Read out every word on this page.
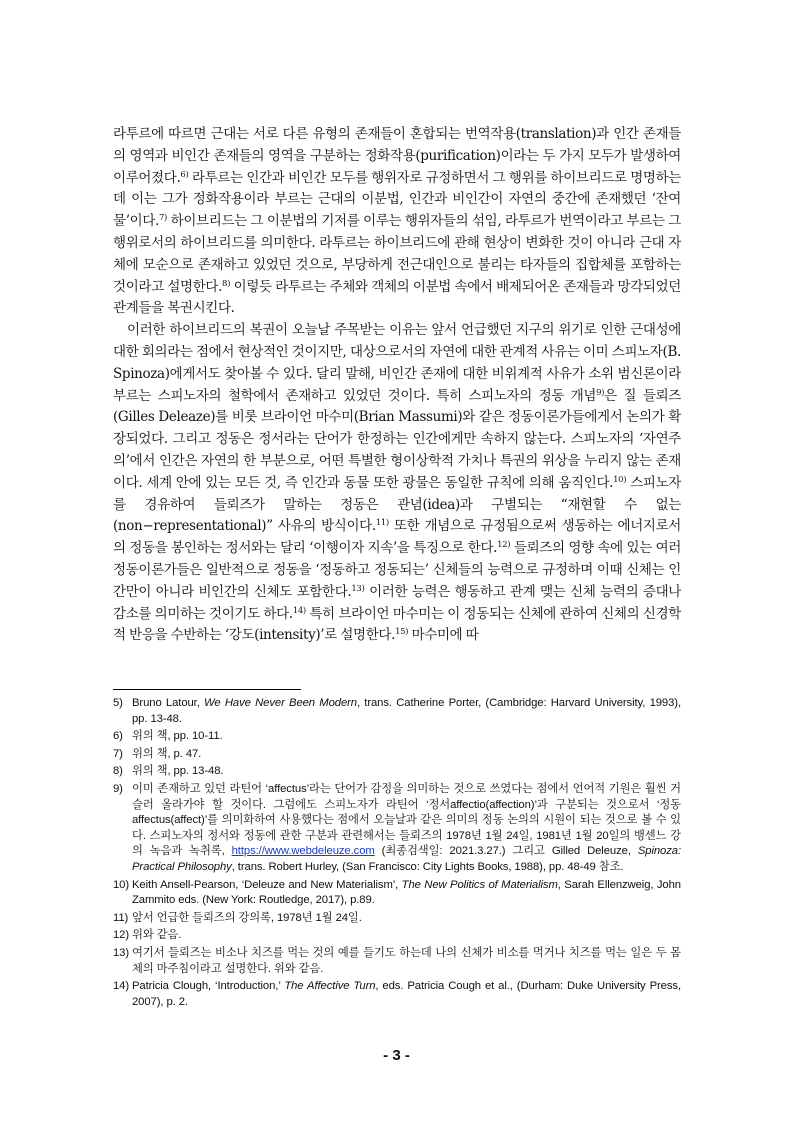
라투르에 따르면 근대는 서로 다른 유형의 존재들이 혼합되는 번역작용(translation)과 인간 존재들의 영역과 비인간 존재들의 영역을 구분하는 정화작용(purification)이라는 두 가지 모두가 발생하여 이루어졌다.$^{6)}$ 라투르는 인간과 비인간 모두를 행위자로 규정하면서 그 행위를 하이브리드로 명명하는데 이는 그가 정화작용이라 부르는 근대의 이분법, 인간과 비인간이 자연의 중간에 존재했던 ‘잔여물’이다.$^{7)}$ 하이브리드는 그 이분법의 기저를 이루는 행위자들의 섞임, 라투르가 번역이라고 부르는 그 행위로서의 하이브리드를 의미한다. 라투르는 하이브리드에 관해 현상이 변화한 것이 아니라 근대 자체에 모순으로 존재하고 있었던 것으로, 부당하게 전근대인으로 불리는 타자들의 집합체를 포함하는 것이라고 설명한다.$^{8)}$ 이렇듯 라투르는 주체와 객체의 이분법 속에서 배제되어온 존재들과 망각되었던 관계들을 복권시킨다.

이러한 하이브리드의 복권이 오늘날 주목받는 이유는 앞서 언급했던 지구의 위기로 인한 근대성에 대한 회의라는 점에서 현상적인 것이지만, 대상으로서의 자연에 대한 관계적 사유는 이미 스피노자(B. Spinoza)에게서도 찾아볼 수 있다. 달리 말해, 비인간 존재에 대한 비위계적 사유가 소위 범신론이라 부르는 스피노자의 철학에서 존재하고 있었던 것이다. 특히 스피노자의 정동 개념$^{9)}$은 질 들뢰즈(Gilles Deleaze)를 비롯 브라이언 마수미(Brian Massumi)와 같은 정동이론가들에게서 논의가 확장되었다. 그리고 정동은 정서라는 단어가 한정하는 인간에게만 속하지 않는다. 스피노자의 ‘자연주의’에서 인간은 자연의 한 부분으로, 어떤 특별한 형이상학적 가치나 특권의 위상을 누리지 않는 존재이다. 세계 안에 있는 모든 것, 즉 인간과 동물 또한 광물은 동일한 규칙에 의해 움직인다.$^{10)}$ 스피노자를 경유하여 들뢰즈가 말하는 정동은 관념(idea)과 구별되는 “재현할 수 없는(non−representational)” 사유의 방식이다.$^{11)}$ 또한 개념으로 규정됨으로써 생동하는 에너지로서의 정동을 봉인하는 정서와는 달리 ‘이행이자 지속’을 특징으로 한다.$^{12)}$ 들뢰즈의 영향 속에 있는 여러 정동이론가들은 일반적으로 정동을 ‘정동하고 정동되는’ 신체들의 능력으로 규정하며 이때 신체는 인간만이 아니라 비인간의 신체도 포함한다.$^{13)}$ 이러한 능력은 행동하고 관계 맺는 신체 능력의 증대나 감소를 의미하는 것이기도 하다.$^{14)}$ 특히 브라이언 마수미는 이 정동되는 신체에 관하여 신체의 신경학적 반응을 수반하는 ‘강도(intensity)’로 설명한다.$^{15)}$ 마수미에 따

5) Bruno Latour, We Have Never Been Modern, trans. Catherine Porter, (Cambridge: Harvard University, 1993), pp. 13-48.
6) 위의 책, pp. 10-11.
7) 위의 책, p. 47.
8) 위의 책, pp. 13-48.
9) 이미 존재하고 있던 라틴어 ‘affectus’라는 단어가 감정을 의미하는 것으로 쓰였다는 점에서 언어적 기원은 훨씬 거슬러 올라가야 할 것이다. 그럼에도 스피노자가 라틴어 ‘정서affectio(affection)’과 구분되는 것으로서 ‘정동affectus(affect)’를 의미화하여 사용했다는 점에서 오늘날과 같은 의미의 정동 논의의 시원이 되는 것으로 볼 수 있다. 스피노자의 정서와 정동에 관한 구분과 관련해서는 들뢰즈의 1978년 1월 24일, 1981년 1월 20일의 뱅센느 강의 녹음과 녹취록, https://www.webdeleuze.com (최종검색일: 2021.3.27.) 그리고 Gilled Deleuze, Spinoza: Practical Philosophy, trans. Robert Hurley, (San Francisco: City Lights Books, 1988), pp. 48-49 참조.
10) Keith Ansell-Pearson, ‘Deleuze and New Materialism’, The New Politics of Materialism, Sarah Ellenzweig, John Zammito eds. (New York: Routledge, 2017), p.89.
11) 앞서 언급한 들뢰즈의 강의록, 1978년 1월 24일.
12) 위와 같음.
13) 여기서 들뢰즈는 비소나 치즈를 먹는 것의 예를 들기도 하는데 나의 신체가 비소를 먹거나 치즈를 먹는 일은 두 몸체의 마주침이라고 설명한다. 위와 같음.
14) Patricia Clough, ‘Introduction,’ The Affective Turn, eds. Patricia Cough et al., (Durham: Duke University Press, 2007), p. 2.
- 3 -
